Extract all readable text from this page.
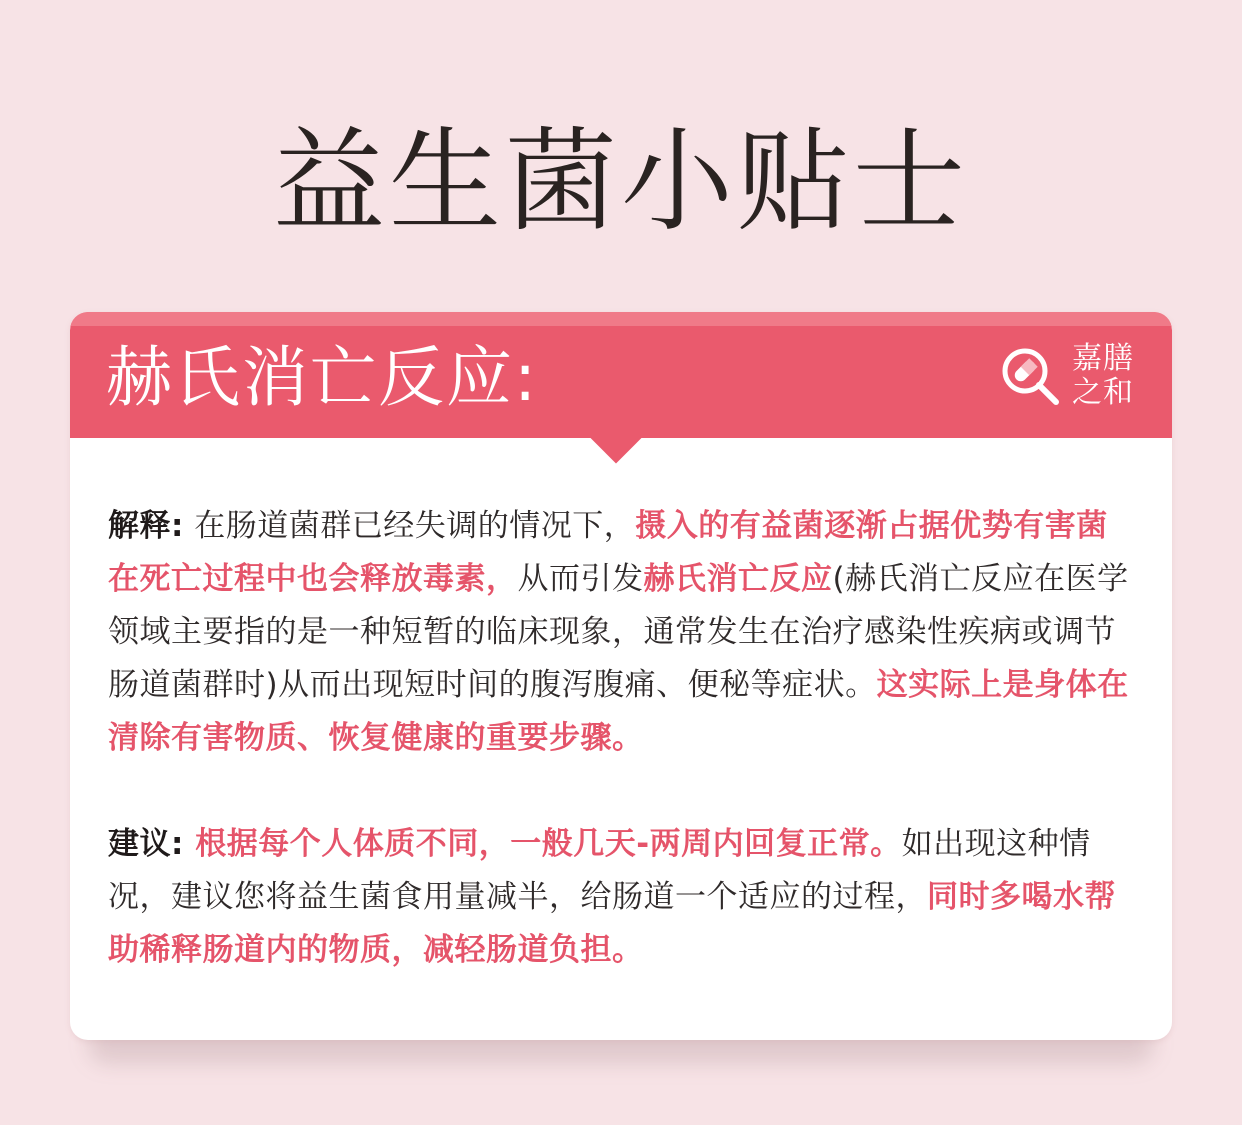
益生菌小贴士
赫氏消亡反应:	嘉膳
之和

解释: 在肠道菌群已经失调的情况下，摄入的有益菌逐渐占据优势有害菌在死亡过程中也会释放毒素，从而引发赫氏消亡反应(赫氏消亡反应在医学领域主要指的是一种短暂的临床现象，通常发生在治疗感染性疾病或调节肠道菌群时)从而出现短时间的腹泻腹痛、便秘等症状。这实际上是身体在清除有害物质、恢复健康的重要步骤。

建议: 根据每个人体质不同，一般几天-两周内回复正常。如出现这种情况，建议您将益生菌食用量减半，给肠道一个适应的过程，同时多喝水帮助稀释肠道内的物质，减轻肠道负担。
